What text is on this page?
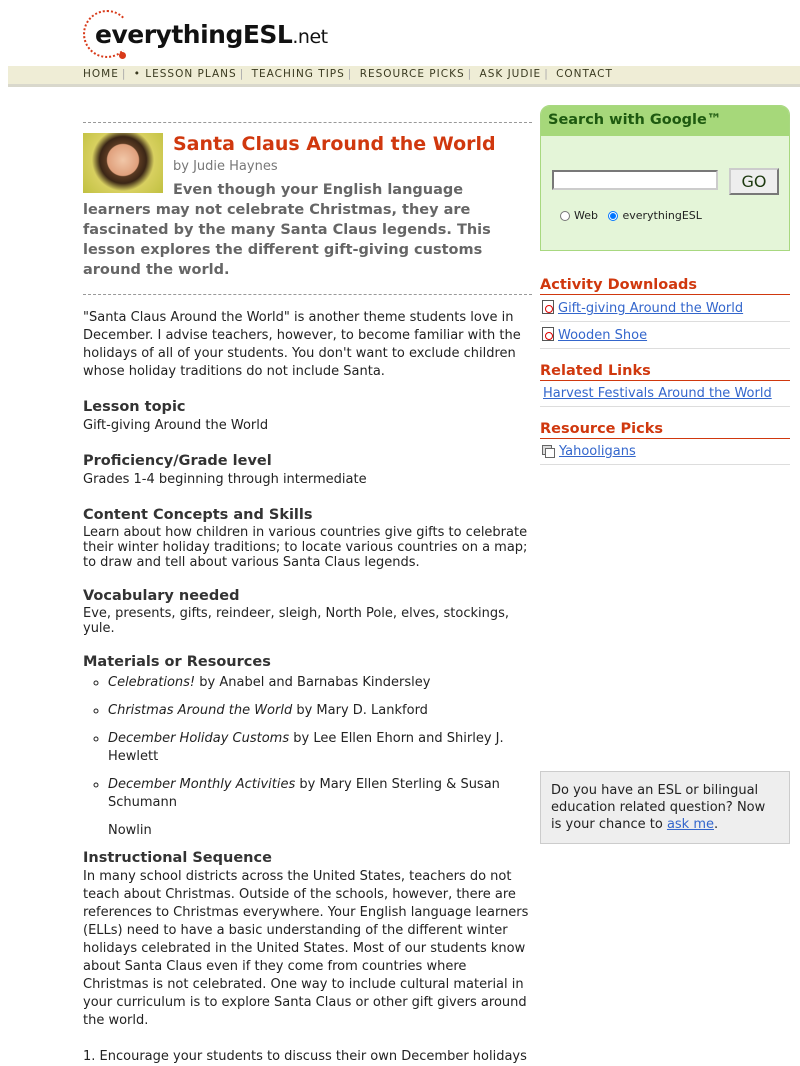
everythingESL.net
HOME | • LESSON PLANS | TEACHING TIPS | RESOURCE PICKS | ASK JUDIE | CONTACT
Santa Claus Around the World
by Judie Haynes
Even though your English language learners may not celebrate Christmas, they are fascinated by the many Santa Claus legends. This lesson explores the different gift-giving customs around the world.

"Santa Claus Around the World" is another theme students love in December. I advise teachers, however, to become familiar with the holidays of all of your students. You don't want to exclude children whose holiday traditions do not include Santa.

Lesson topic

Gift-giving Around the World

Proficiency/Grade level

Grades 1-4 beginning through intermediate

Content Concepts and Skills

Learn about how children in various countries give gifts to celebrate their winter holiday traditions; to locate various countries on a map; to draw and tell about various Santa Claus legends.

Vocabulary needed

Eve, presents, gifts, reindeer, sleigh, North Pole, elves, stockings, yule.

Materials or Resources
◦ Celebrations! by Anabel and Barnabas Kindersley
◦ Christmas Around the World by Mary D. Lankford
◦ December Holiday Customs by Lee Ellen Ehorn and Shirley J. Hewlett
◦ December Monthly Activities by Mary Ellen Sterling & Susan Schumann
Nowlin
Instructional Sequence

In many school districts across the United States, teachers do not teach about Christmas. Outside of the schools, however, there are references to Christmas everywhere. Your English language learners (ELLs) need to have a basic understanding of the different winter holidays celebrated in the United States. Most of our students know about Santa Claus even if they come from countries where Christmas is not celebrated. One way to include cultural material in your curriculum is to explore Santa Claus or other gift givers around the world.

1. Encourage your students to discuss their own December holidays

Search with Google™
GO
Web everythingESL
Activity Downloads
Gift-giving Around the World
Wooden Shoe
Related Links
Harvest Festivals Around the World
Resource Picks
Yahooligans
Do you have an ESL or bilingual education related question? Now is your chance to ask me.
